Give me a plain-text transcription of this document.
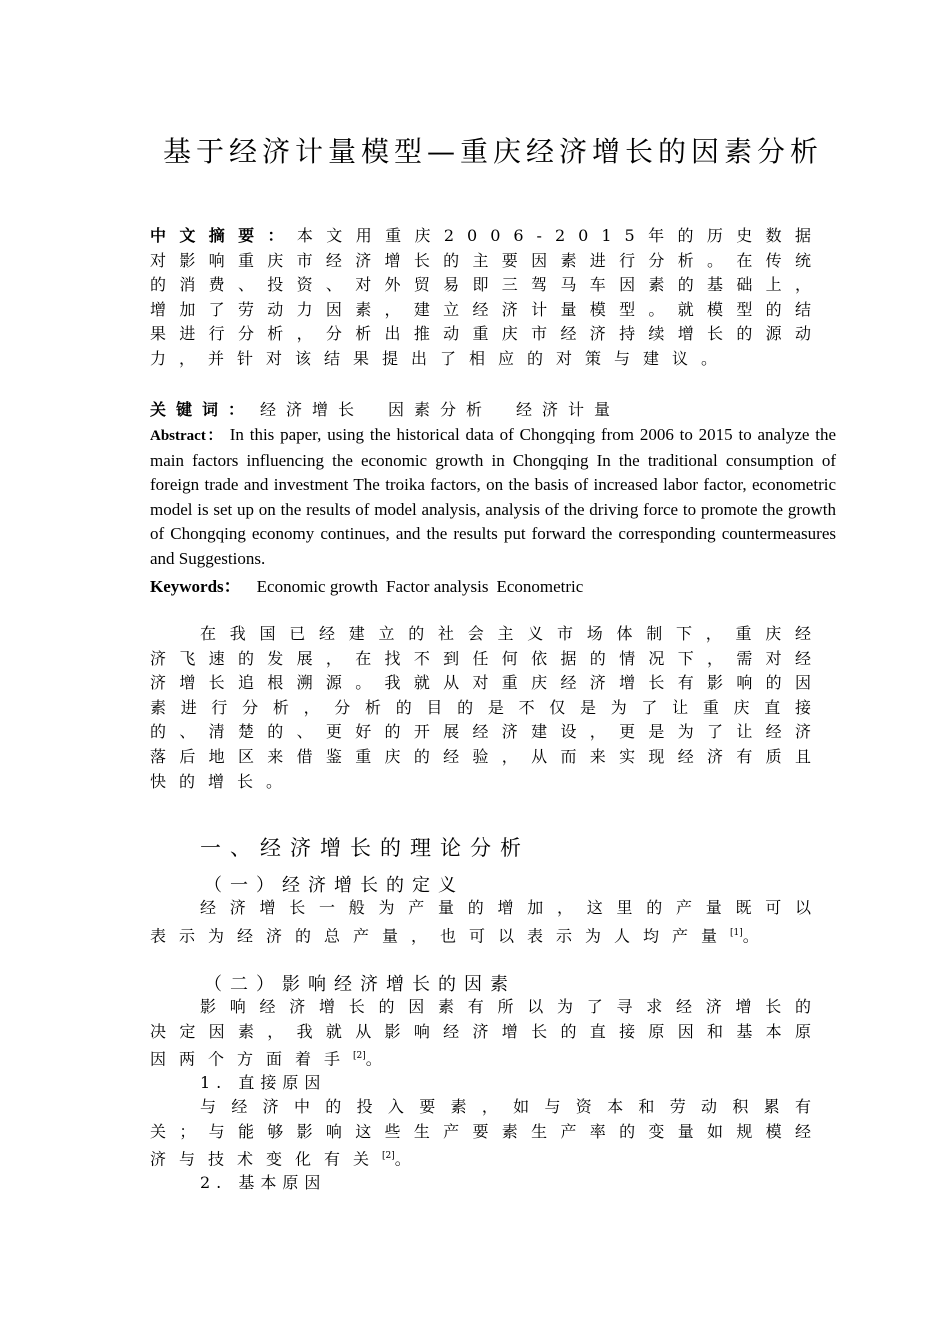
基于经济计量模型—重庆经济增长的因素分析
中文摘要：本文用重庆2006-2015年的历史数据对影响重庆市经济增长的主要因素进行分析。在传统的消费、投资、对外贸易即三驾马车因素的基础上，增加了劳动力因素，建立经济计量模型。就模型的结果进行分析，分析出推动重庆市经济持续增长的源动力，并针对该结果提出了相应的对策与建议。
关键词： 经济增长 因素分析 经济计量
Abstract： In this paper, using the historical data of Chongqing from 2006 to 2015 to analyze the main factors influencing the economic growth in Chongqing In the traditional consumption of foreign trade and investment The troika factors, on the basis of increased labor factor, econometric model is set up on the results of model analysis, analysis of the driving force to promote the growth of Chongqing economy continues, and the results put forward the corresponding countermeasures and Suggestions.
Keywords： Economic growth Factor analysis Econometric
在我国已经建立的社会主义市场体制下，重庆经济飞速的发展，在找不到任何依据的情况下，需对经济增长追根溯源。我就从对重庆经济增长有影响的因素进行分析，分析的目的是不仅是为了让重庆直接的、清楚的、更好的开展经济建设，更是为了让经济落后地区来借鉴重庆的经验，从而来实现经济有质且快的增长。
一、经济增长的理论分析
（一）经济增长的定义
经济增长一般为产量的增加，这里的产量既可以表示为经济的总产量，也可以表示为人均产量[1]。
（二）影响经济增长的因素
影响经济增长的因素有所以为了寻求经济增长的决定因素，我就从影响经济增长的直接原因和基本原因两个方面着手[2]。
1. 直接原因
与经济中的投入要素，如与资本和劳动积累有关；与能够影响这些生产要素生产率的变量如规模经济与技术变化有关[2]。
2. 基本原因
